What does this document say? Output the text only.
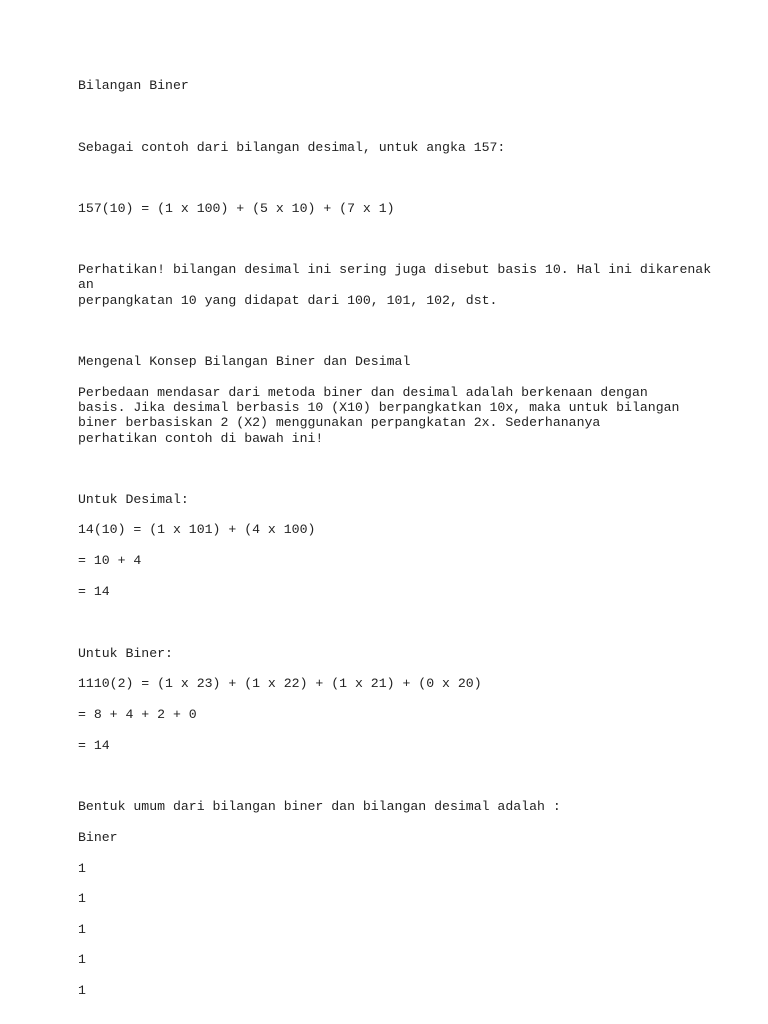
Bilangan Biner

Sebagai contoh dari bilangan desimal, untuk angka 157:

157(10) = (1 x 100) + (5 x 10) + (7 x 1)

Perhatikan! bilangan desimal ini sering juga disebut basis 10. Hal ini dikarenak

an

perpangkatan 10 yang didapat dari 100, 101, 102, dst.

Mengenal Konsep Bilangan Biner dan Desimal

Perbedaan mendasar dari metoda biner dan desimal adalah berkenaan dengan

basis. Jika desimal berbasis 10 (X10) berpangkatkan 10x, maka untuk bilangan

biner berbasiskan 2 (X2) menggunakan perpangkatan 2x. Sederhananya

perhatikan contoh di bawah ini!

Untuk Desimal:

14(10) = (1 x 101) + (4 x 100)

= 10 + 4

= 14

Untuk Biner:

1110(2) = (1 x 23) + (1 x 22) + (1 x 21) + (0 x 20)

= 8 + 4 + 2 + 0

= 14

Bentuk umum dari bilangan biner dan bilangan desimal adalah :

Biner

1

1

1

1

1
